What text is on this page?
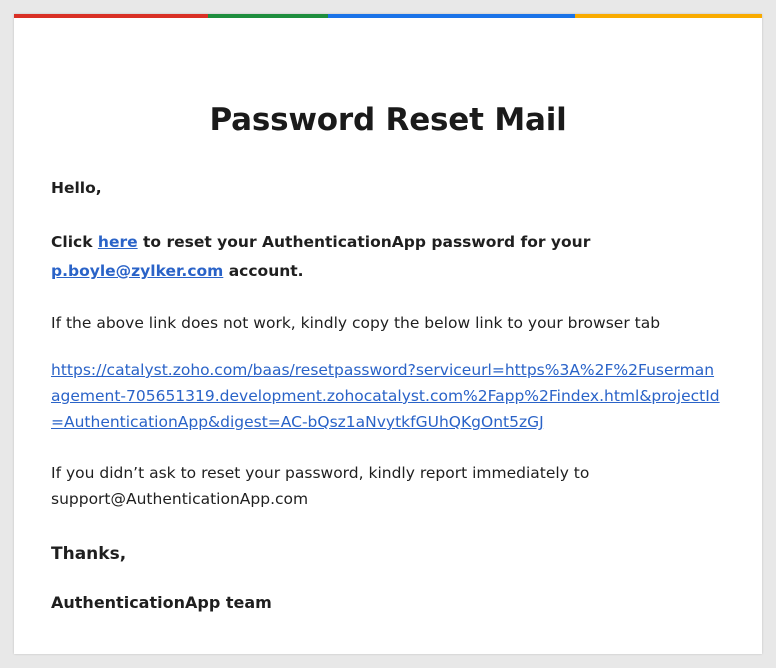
Password Reset Mail

Hello,

Click here to reset your AuthenticationApp password for your p.boyle@zylker.com account.

If the above link does not work, kindly copy the below link to your browser tab

https://catalyst.zoho.com/baas/resetpassword?serviceurl=https%3A%2F%2Fusermanagement-705651319.development.zohocatalyst.com%2Fapp%2Findex.html&projectId=AuthenticationApp&digest=AC-bQsz1aNvytkfGUhQKgOnt5zGJ

If you didn’t ask to reset your password, kindly report immediately to support@AuthenticationApp.com

Thanks,

AuthenticationApp team
